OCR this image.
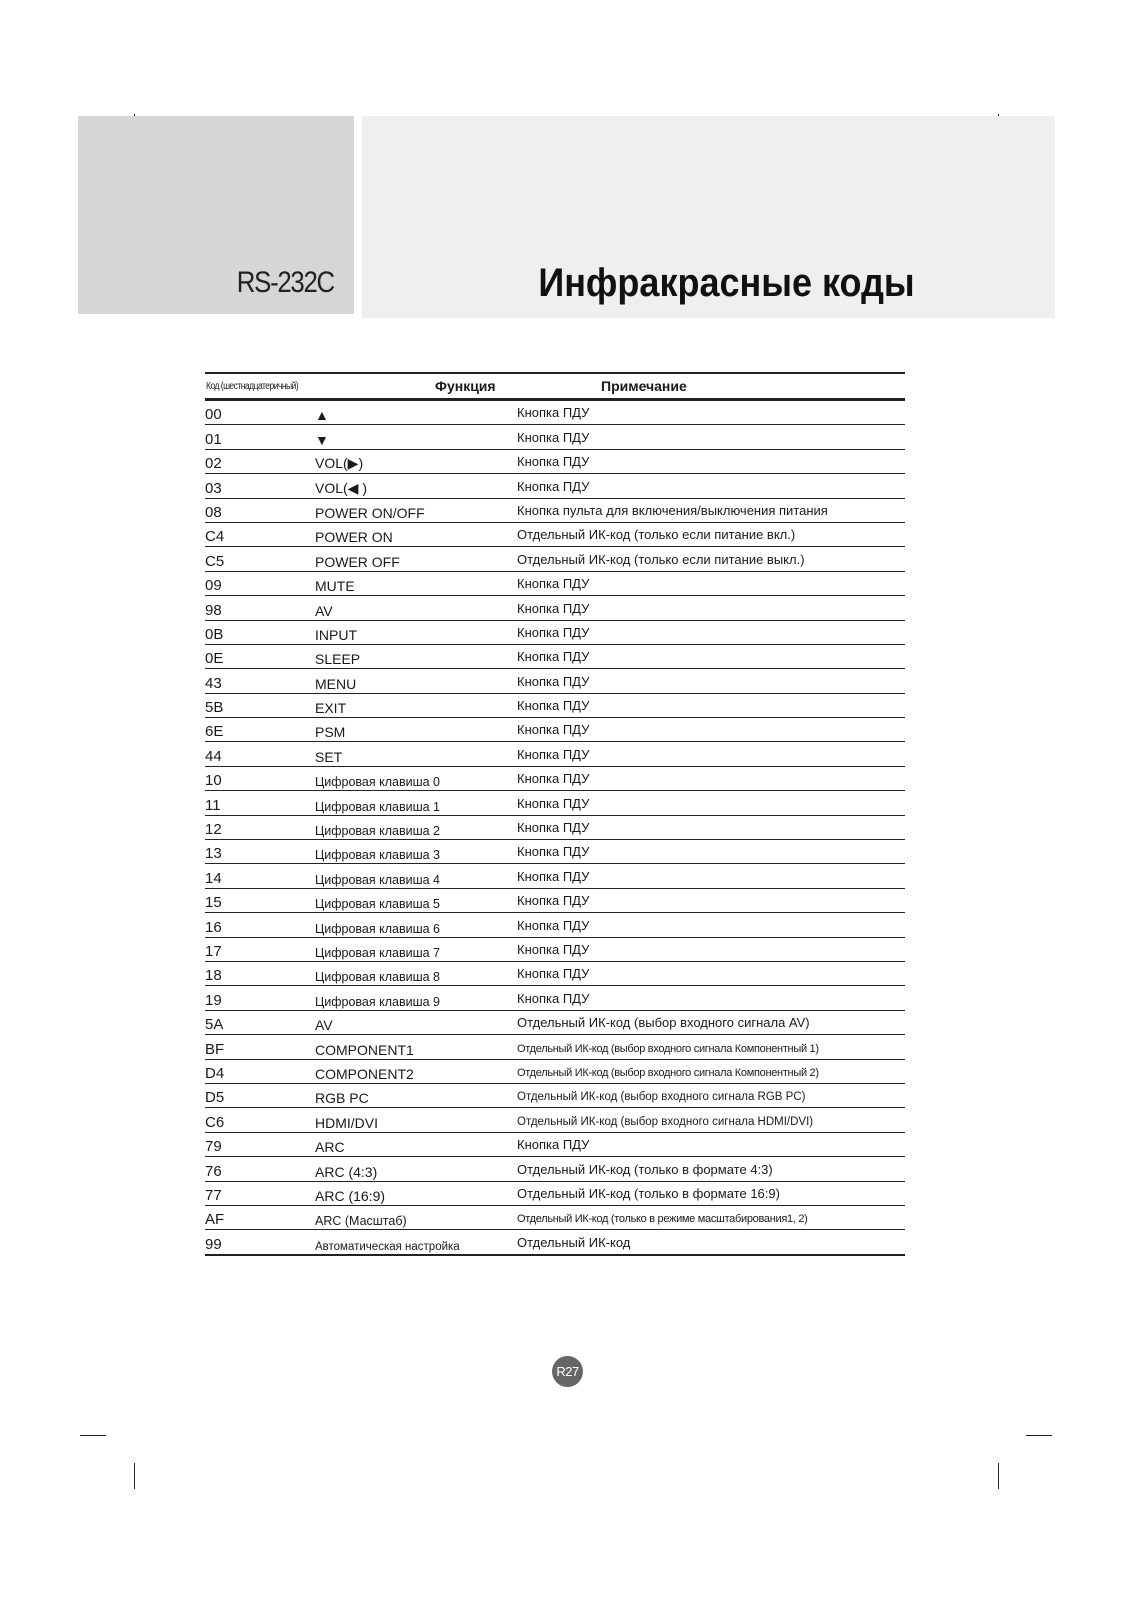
RS-232C	Инфракрасные коды
Код (шестнадцатеричный)	Функция	Примечание
00	▲	Кнопка ПДУ
01	▼	Кнопка ПДУ
02	VOL(▶)	Кнопка ПДУ
03	VOL(◀ )	Кнопка ПДУ
08	POWER ON/OFF	Кнопка пульта для включения/выключения питания
C4	POWER ON	Отдельный ИК-код (только если питание вкл.)
C5	POWER OFF	Отдельный ИК-код (только если питание выкл.)
09	MUTE	Кнопка ПДУ
98	AV	Кнопка ПДУ
0B	INPUT	Кнопка ПДУ
0E	SLEEP	Кнопка ПДУ
43	MENU	Кнопка ПДУ
5B	EXIT	Кнопка ПДУ
6E	PSM	Кнопка ПДУ
44	SET	Кнопка ПДУ
10	Цифровая клавиша 0	Кнопка ПДУ
11	Цифровая клавиша 1	Кнопка ПДУ
12	Цифровая клавиша 2	Кнопка ПДУ
13	Цифровая клавиша 3	Кнопка ПДУ
14	Цифровая клавиша 4	Кнопка ПДУ
15	Цифровая клавиша 5	Кнопка ПДУ
16	Цифровая клавиша 6	Кнопка ПДУ
17	Цифровая клавиша 7	Кнопка ПДУ
18	Цифровая клавиша 8	Кнопка ПДУ
19	Цифровая клавиша 9	Кнопка ПДУ
5A	AV	Отдельный ИК-код (выбор входного сигнала AV)
BF	COMPONENT1	Отдельный ИК-код (выбор входного сигнала Компонентный 1)
D4	COMPONENT2	Отдельный ИК-код (выбор входного сигнала Компонентный 2)
D5	RGB PC	Отдельный ИК-код (выбор входного сигнала RGB PC)
C6	HDMI/DVI	Отдельный ИК-код (выбор входного сигнала HDMI/DVI)
79	ARC	Кнопка ПДУ
76	ARC (4:3)	Отдельный ИК-код (только в формате 4:3)
77	ARC (16:9)	Отдельный ИК-код (только в формате 16:9)
AF	ARC (Масштаб)	Отдельный ИК-код (только в режиме масштабирования1, 2)
99	Автоматическая настройка	Отдельный ИК-код
R27
